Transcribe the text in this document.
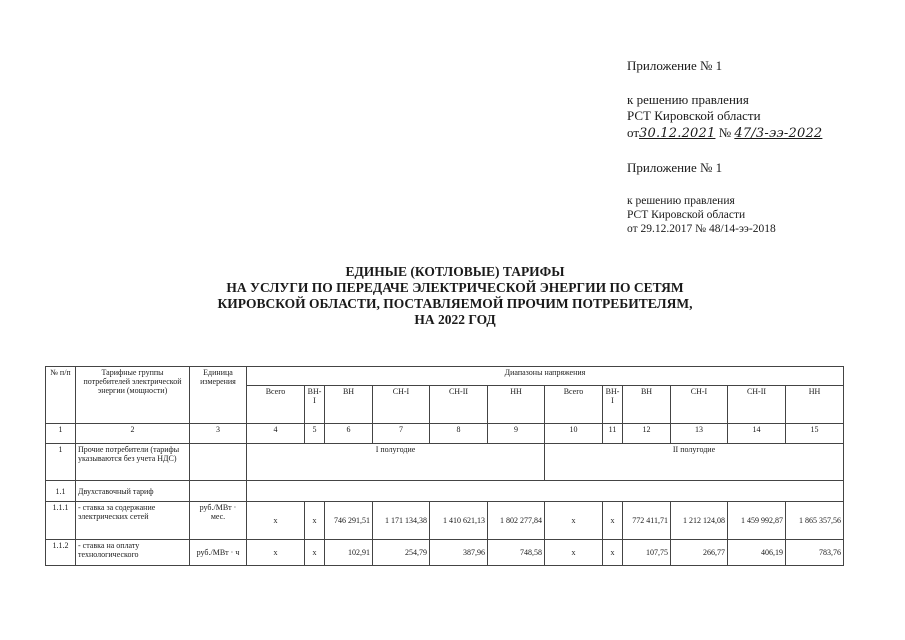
Приложение № 1
к решению правления
РСТ Кировской области
от30.12.2021 № 47/3-ээ-2022
Приложение № 1
к решению правления
РСТ Кировской области
от 29.12.2017 № 48/14-ээ-2018
ЕДИНЫЕ (КОТЛОВЫЕ) ТАРИФЫ
НА УСЛУГИ ПО ПЕРЕДАЧЕ ЭЛЕКТРИЧЕСКОЙ ЭНЕРГИИ ПО СЕТЯМ
КИРОВСКОЙ ОБЛАСТИ, ПОСТАВЛЯЕМОЙ ПРОЧИМ ПОТРЕБИТЕЛЯМ,
НА 2022 ГОД
№ п/п	Тарифные группы потребителей электрической энергии (мощности)	Единица измерения	Диапазоны напряжения											
			Всего	ВН-I	ВН	СН-I	СН-II	НН	Всего	ВН-I	ВН	СН-I	СН-II	НН
1	2	3	4	5	6	7	8	9	10	11	12	13	14	15
1	Прочие потребители (тарифы указываются без учета НДС)		I полугодие						II полугодие					
1.1	Двухставочный тариф													
1.1.1	- ставка за содержание электрических сетей	руб./МВт · мес.	x	x	746 291,51	1 171 134,38	1 410 621,13	1 802 277,84	x	x	772 411,71	1 212 124,08	1 459 992,87	1 865 357,56
1.1.2	- ставка на оплату технологического	руб./МВт · ч	x	x	102,91	254,79	387,96	748,58	x	x	107,75	266,77	406,19	783,76
